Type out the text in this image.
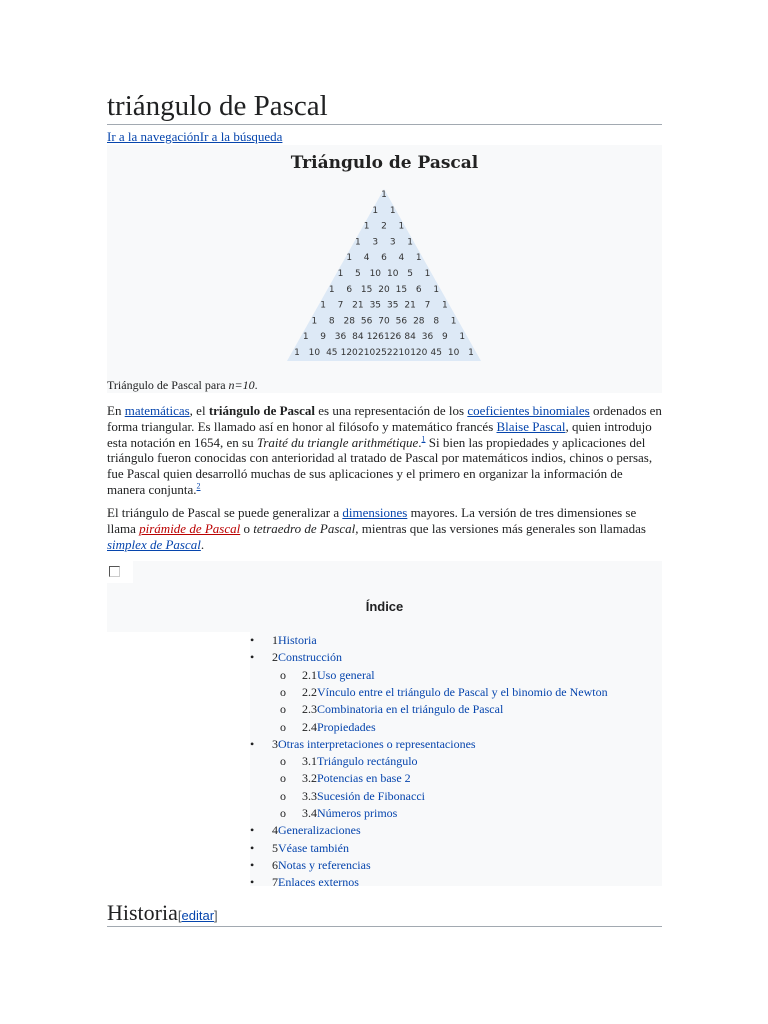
triángulo de Pascal
Ir a la navegaciónIr a la búsqueda
Triángulo de Pascal
1
1 1
1 2 1
1 3 3 1
1 4 6 4 1
1 5 10 10 5 1
1 6 15 20 15 6 1
1 7 21 35 35 21 7 1
1 8 28 56 70 56 28 8 1
1 9 36 84 126 126 84 36 9 1
1 10 45 120 210 252 210 120 45 10 1
Triángulo de Pascal para n=10.

En matemáticas, el triángulo de Pascal es una representación de los coeficientes binomiales ordenados en forma triangular. Es llamado así en honor al filósofo y matemático francés Blaise Pascal, quien introdujo esta notación en 1654, en su Traité du triangle arithmétique.$^1$ Si bien las propiedades y aplicaciones del triángulo fueron conocidas con anterioridad al tratado de Pascal por matemáticos indios, chinos o persas, fue Pascal quien desarrolló muchas de sus aplicaciones y el primero en organizar la información de manera conjunta.$^2$

El triángulo de Pascal se puede generalizar a dimensiones mayores. La versión de tres dimensiones se llama pirámide de Pascal o tetraedro de Pascal, mientras que las versiones más generales son llamadas simplex de Pascal.

Índice
• 1Historia
• 2Construcción
o 2.1Uso general
o 2.2Vínculo entre el triángulo de Pascal y el binomio de Newton
o 2.3Combinatoria en el triángulo de Pascal
o 2.4Propiedades
• 3Otras interpretaciones o representaciones
o 3.1Triángulo rectángulo
o 3.2Potencias en base 2
o 3.3Sucesión de Fibonacci
o 3.4Números primos
• 4Generalizaciones
• 5Véase también
• 6Notas y referencias
• 7Enlaces externos
Historia[editar]
